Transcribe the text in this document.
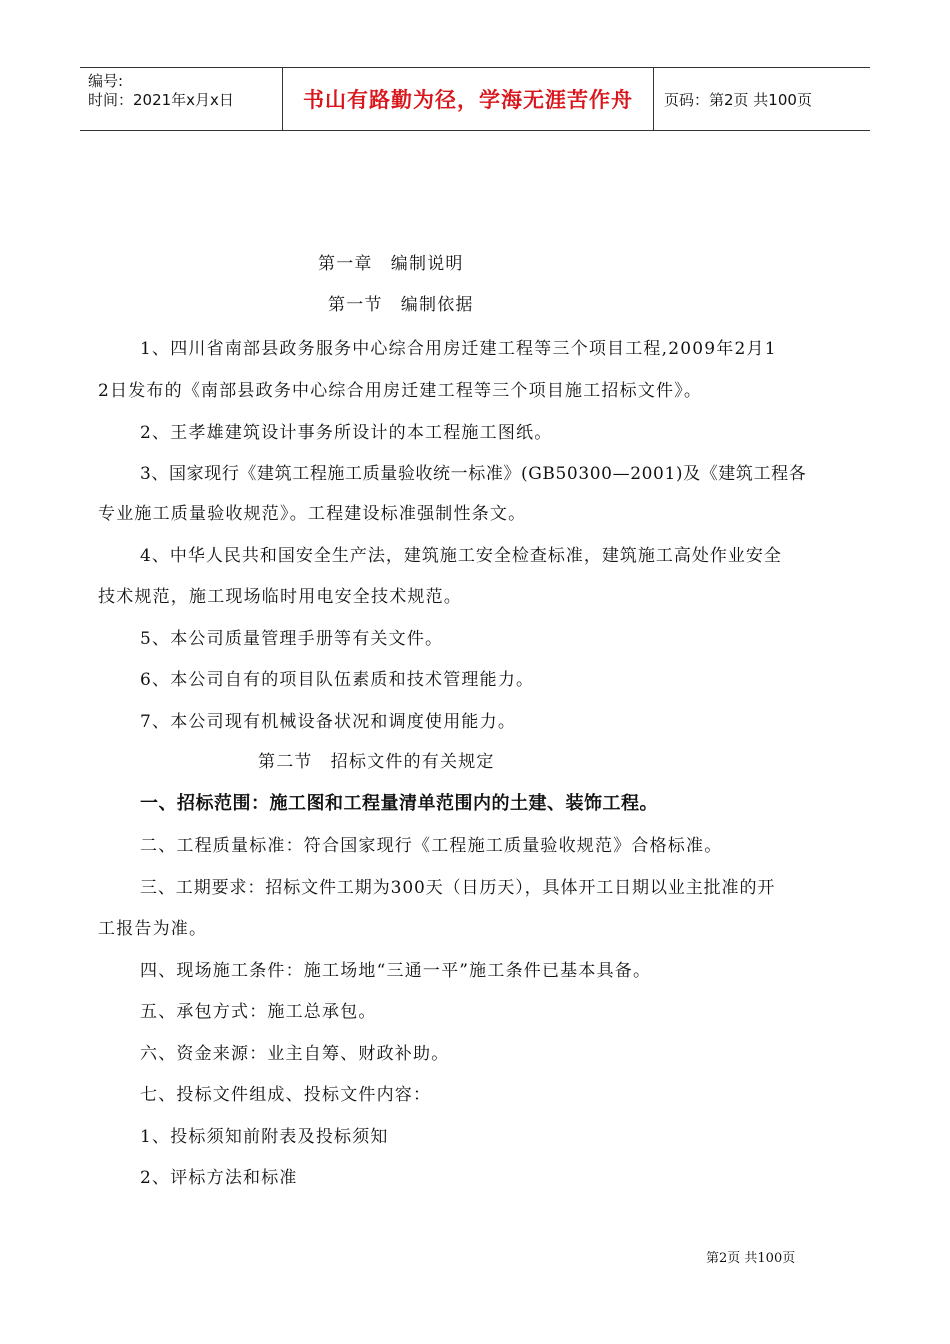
编号:
时间：2021年x月x日	书山有路勤为径，学海无涯苦作舟	页码：第2页 共100页
第一章　编制说明
第一节　编制依据
1、四川省南部县政务服务中心综合用房迁建工程等三个项目工程,2009年2月1
2日发布的《南部县政务中心综合用房迁建工程等三个项目施工招标文件》。
2、王孝雄建筑设计事务所设计的本工程施工图纸。
3、国家现行《建筑工程施工质量验收统一标准》(GB50300—2001)及《建筑工程各
专业施工质量验收规范》。工程建设标准强制性条文。
4、中华人民共和国安全生产法，建筑施工安全检查标准，建筑施工高处作业安全
技术规范，施工现场临时用电安全技术规范。
5、本公司质量管理手册等有关文件。
6、本公司自有的项目队伍素质和技术管理能力。
7、本公司现有机械设备状况和调度使用能力。
第二节　招标文件的有关规定
一、招标范围：施工图和工程量清单范围内的土建、装饰工程。
二、工程质量标准：符合国家现行《工程施工质量验收规范》合格标准。
三、工期要求：招标文件工期为300天（日历天），具体开工日期以业主批准的开
工报告为准。
四、现场施工条件：施工场地“三通一平”施工条件已基本具备。
五、承包方式：施工总承包。
六、资金来源：业主自筹、财政补助。
七、投标文件组成、投标文件内容：
1、投标须知前附表及投标须知
2、评标方法和标准
第2页 共100页
